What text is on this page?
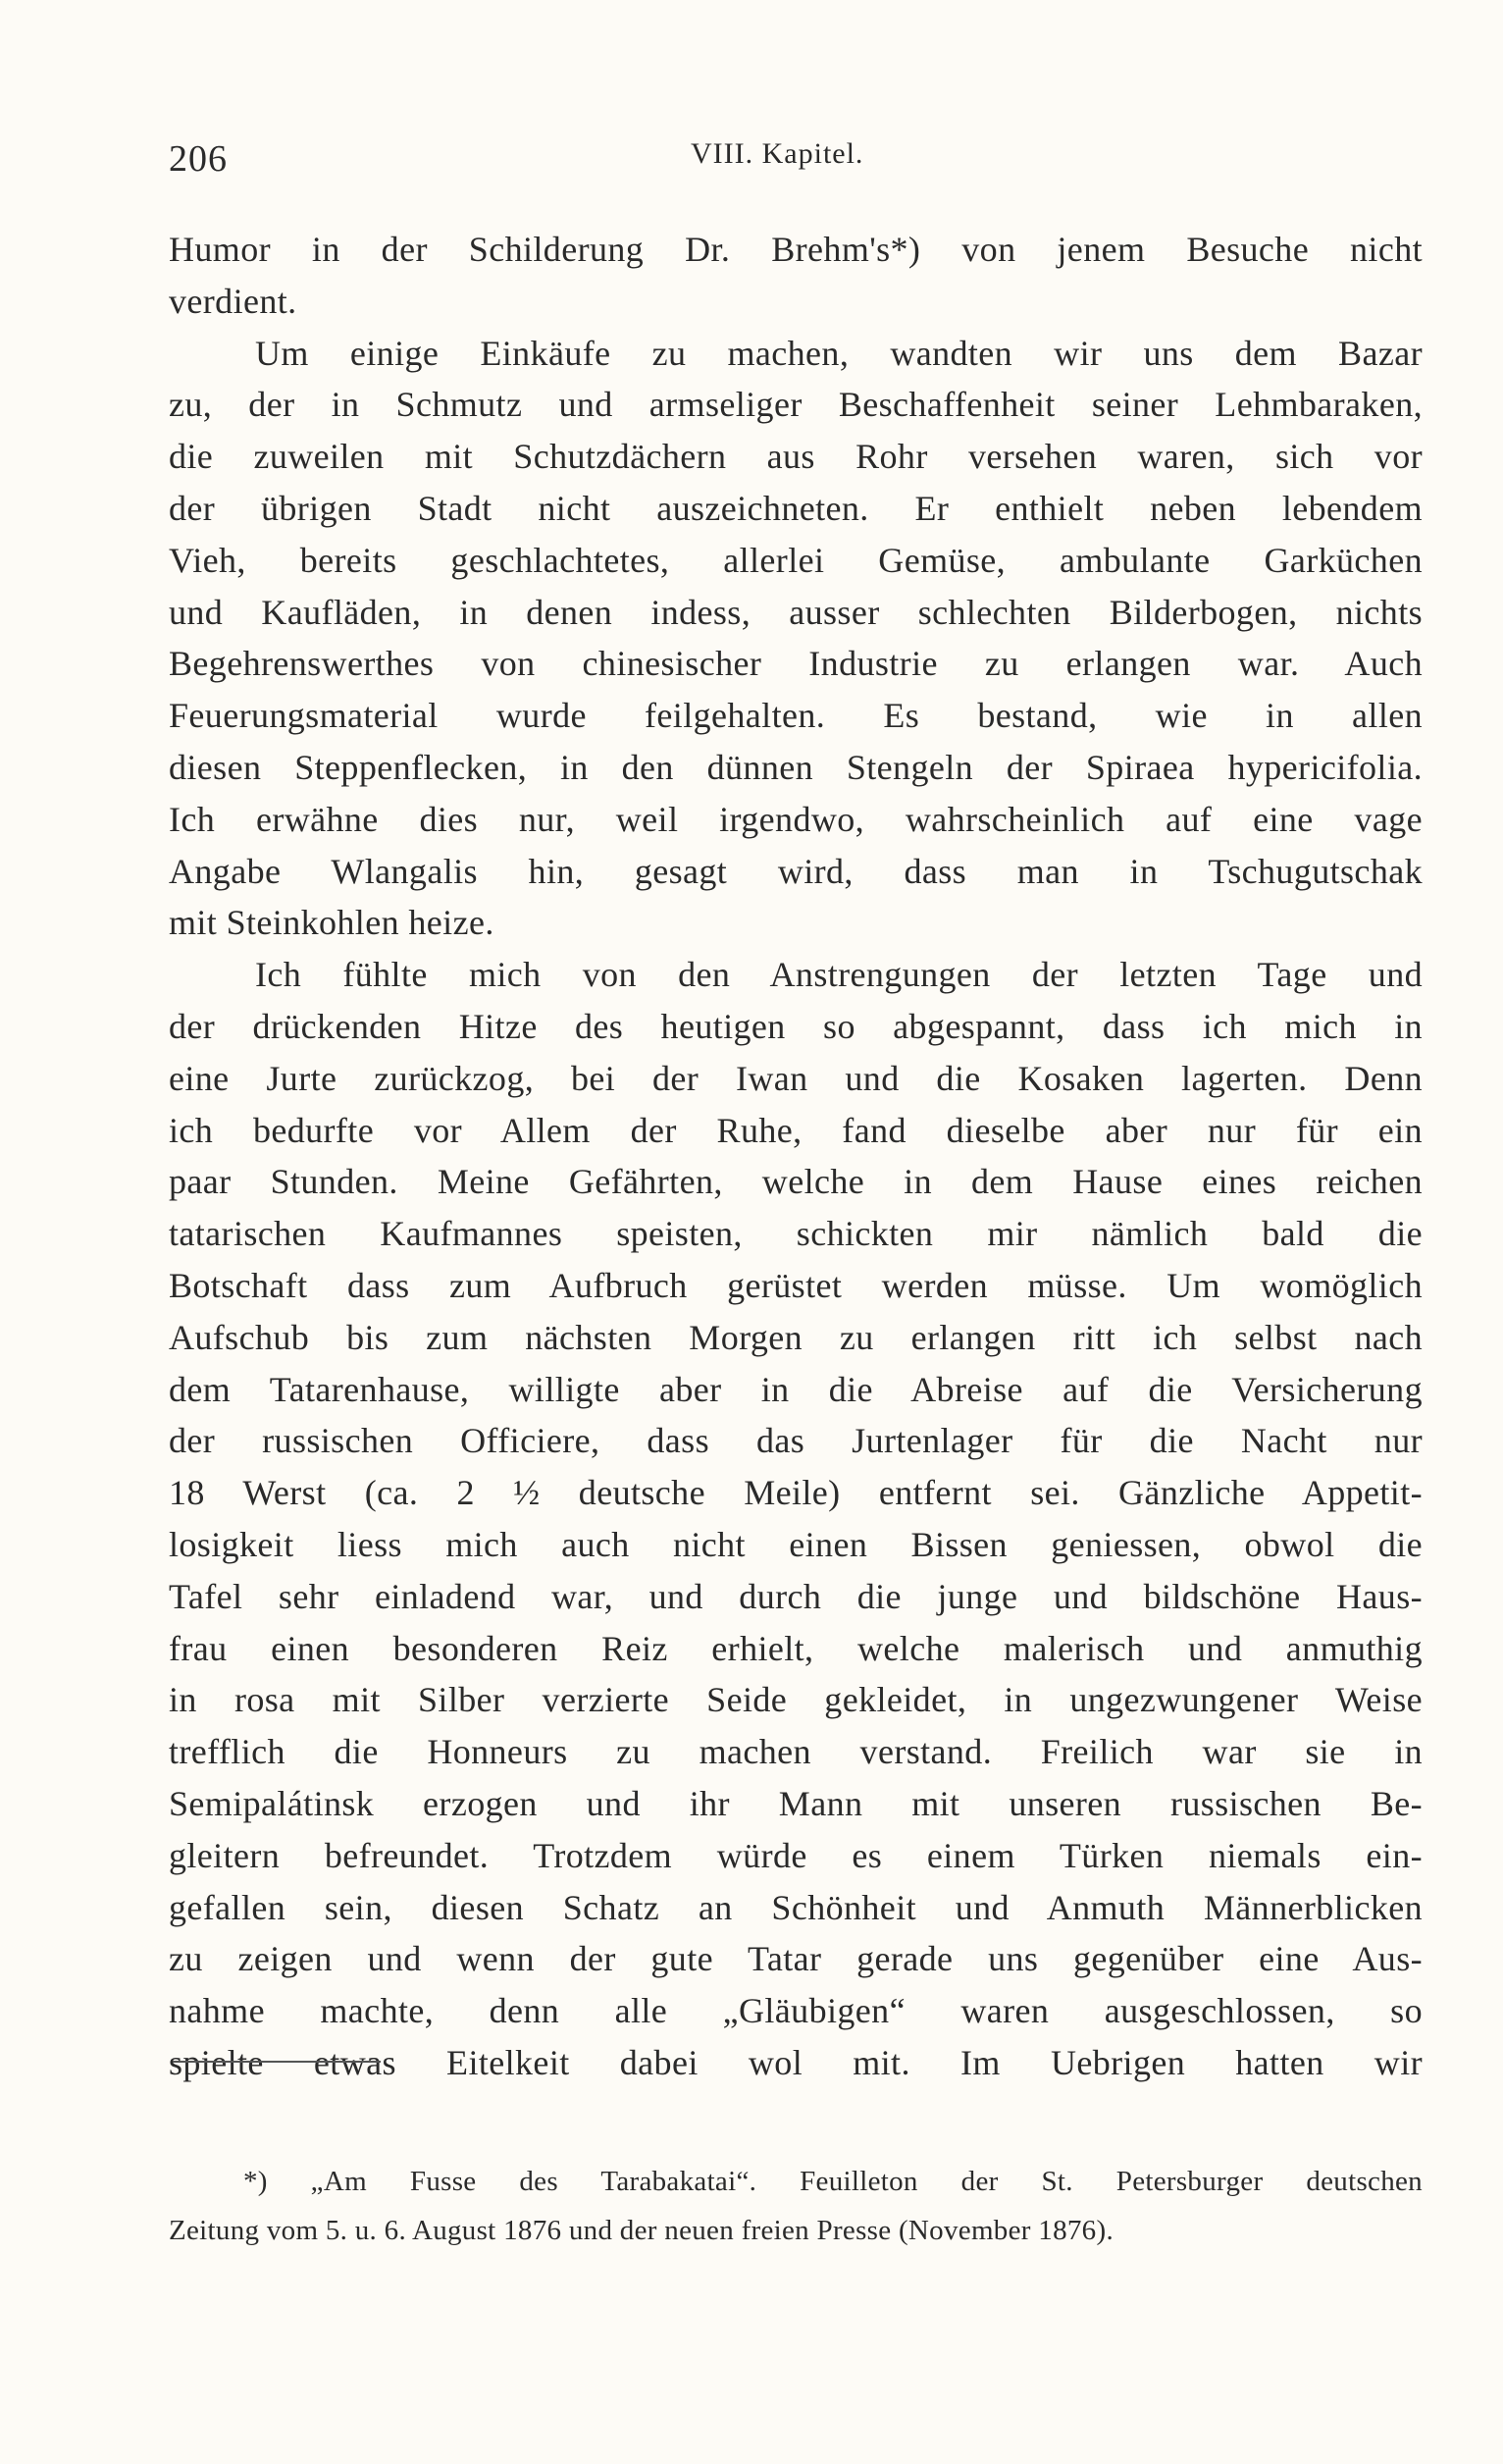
206	VIII. Kapitel.
Humor in der Schilderung Dr. Brehm's*) von jenem Besuche nicht
verdient.
Um einige Einkäufe zu machen, wandten wir uns dem Bazar
zu, der in Schmutz und armseliger Beschaffenheit seiner Lehmbaraken,
die zuweilen mit Schutzdächern aus Rohr versehen waren, sich vor
der übrigen Stadt nicht auszeichneten. Er enthielt neben lebendem
Vieh, bereits geschlachtetes, allerlei Gemüse, ambulante Garküchen
und Kaufläden, in denen indess, ausser schlechten Bilderbogen, nichts
Begehrenswerthes von chinesischer Industrie zu erlangen war. Auch
Feuerungsmaterial wurde feilgehalten. Es bestand, wie in allen
diesen Steppenflecken, in den dünnen Stengeln der Spiraea hypericifolia.
Ich erwähne dies nur, weil irgendwo, wahrscheinlich auf eine vage
Angabe Wlangalis hin, gesagt wird, dass man in Tschugutschak
mit Steinkohlen heize.
Ich fühlte mich von den Anstrengungen der letzten Tage und
der drückenden Hitze des heutigen so abgespannt, dass ich mich in
eine Jurte zurückzog, bei der Iwan und die Kosaken lagerten. Denn
ich bedurfte vor Allem der Ruhe, fand dieselbe aber nur für ein
paar Stunden. Meine Gefährten, welche in dem Hause eines reichen
tatarischen Kaufmannes speisten, schickten mir nämlich bald die
Botschaft dass zum Aufbruch gerüstet werden müsse. Um womöglich
Aufschub bis zum nächsten Morgen zu erlangen ritt ich selbst nach
dem Tatarenhause, willigte aber in die Abreise auf die Versicherung
der russischen Officiere, dass das Jurtenlager für die Nacht nur
18 Werst (ca. 2 ½ deutsche Meile) entfernt sei. Gänzliche Appetit-
losigkeit liess mich auch nicht einen Bissen geniessen, obwol die
Tafel sehr einladend war, und durch die junge und bildschöne Haus-
frau einen besonderen Reiz erhielt, welche malerisch und anmuthig
in rosa mit Silber verzierte Seide gekleidet, in ungezwungener Weise
trefflich die Honneurs zu machen verstand. Freilich war sie in
Semipalátinsk erzogen und ihr Mann mit unseren russischen Be-
gleitern befreundet. Trotzdem würde es einem Türken niemals ein-
gefallen sein, diesen Schatz an Schönheit und Anmuth Männerblicken
zu zeigen und wenn der gute Tatar gerade uns gegenüber eine Aus-
nahme machte, denn alle „Gläubigen“ waren ausgeschlossen, so
spielte etwas Eitelkeit dabei wol mit. Im Uebrigen hatten wir
*) „Am Fusse des Tarabakatai“. Feuilleton der St. Petersburger deutschen
Zeitung vom 5. u. 6. August 1876 und der neuen freien Presse (November 1876).
